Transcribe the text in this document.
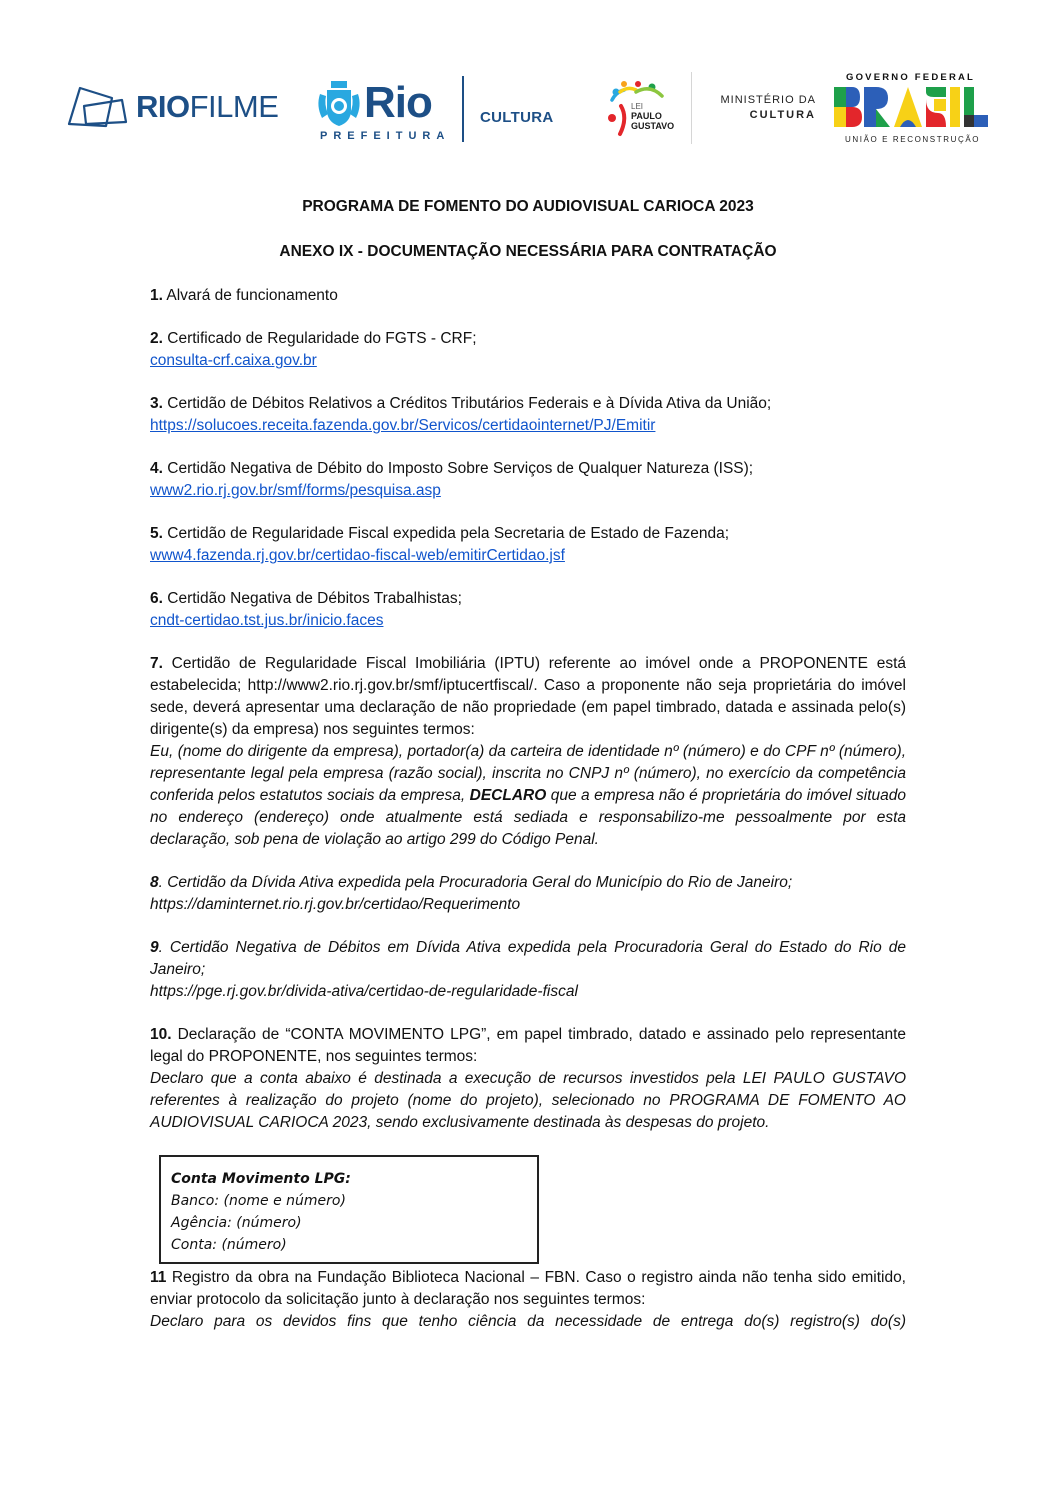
RIOFILME Rio
PREFEITURA
CULTURA
LEI
PAULO
GUSTAVO
MINISTÉRIO DA
CULTURA
GOVERNO FEDERAL
UNIÃO E RECONSTRUÇÃO
PROGRAMA DE FOMENTO DO AUDIOVISUAL CARIOCA 2023
ANEXO IX - DOCUMENTAÇÃO NECESSÁRIA PARA CONTRATAÇÃO

1. Alvará de funcionamento

2. Certificado de Regularidade do FGTS - CRF;

consulta-crf.caixa.gov.br

3. Certidão de Débitos Relativos a Créditos Tributários Federais e à Dívida Ativa da União;

https://solucoes.receita.fazenda.gov.br/Servicos/certidaointernet/PJ/Emitir

4. Certidão Negativa de Débito do Imposto Sobre Serviços de Qualquer Natureza (ISS);

www2.rio.rj.gov.br/smf/forms/pesquisa.asp

5. Certidão de Regularidade Fiscal expedida pela Secretaria de Estado de Fazenda;

www4.fazenda.rj.gov.br/certidao-fiscal-web/emitirCertidao.jsf

6. Certidão Negativa de Débitos Trabalhistas;

cndt-certidao.tst.jus.br/inicio.faces

7. Certidão de Regularidade Fiscal Imobiliária (IPTU) referente ao imóvel onde a PROPONENTE está estabelecida; http://www2.rio.rj.gov.br/smf/iptucertfiscal/. Caso a proponente não seja proprietária do imóvel sede, deverá apresentar uma declaração de não propriedade (em papel timbrado, datada e assinada pelo(s) dirigente(s) da empresa) nos seguintes termos:

Eu, (nome do dirigente da empresa), portador(a) da carteira de identidade nº (número) e do CPF nº (número), representante legal pela empresa (razão social), inscrita no CNPJ nº (número), no exercício da competência conferida pelos estatutos sociais da empresa, DECLARO que a empresa não é proprietária do imóvel situado no endereço (endereço) onde atualmente está sediada e responsabilizo-me pessoalmente por esta declaração, sob pena de violação ao artigo 299 do Código Penal.

8. Certidão da Dívida Ativa expedida pela Procuradoria Geral do Município do Rio de Janeiro;

https://daminternet.rio.rj.gov.br/certidao/Requerimento

9. Certidão Negativa de Débitos em Dívida Ativa expedida pela Procuradoria Geral do Estado do Rio de Janeiro;

https://pge.rj.gov.br/divida-ativa/certidao-de-regularidade-fiscal

10. Declaração de “CONTA MOVIMENTO LPG”, em papel timbrado, datado e assinado pelo representante legal do PROPONENTE, nos seguintes termos:

Declaro que a conta abaixo é destinada a execução de recursos investidos pela LEI PAULO GUSTAVO referentes à realização do projeto (nome do projeto), selecionado no PROGRAMA DE FOMENTO AO AUDIOVISUAL CARIOCA 2023, sendo exclusivamente destinada às despesas do projeto.

Conta Movimento LPG:
Banco: (nome e número)
Agência: (número)
Conta: (número)

11 Registro da obra na Fundação Biblioteca Nacional – FBN. Caso o registro ainda não tenha sido emitido, enviar protocolo da solicitação junto à declaração nos seguintes termos:

Declaro para os devidos fins que tenho ciência da necessidade de entrega do(s) registro(s) do(s)
